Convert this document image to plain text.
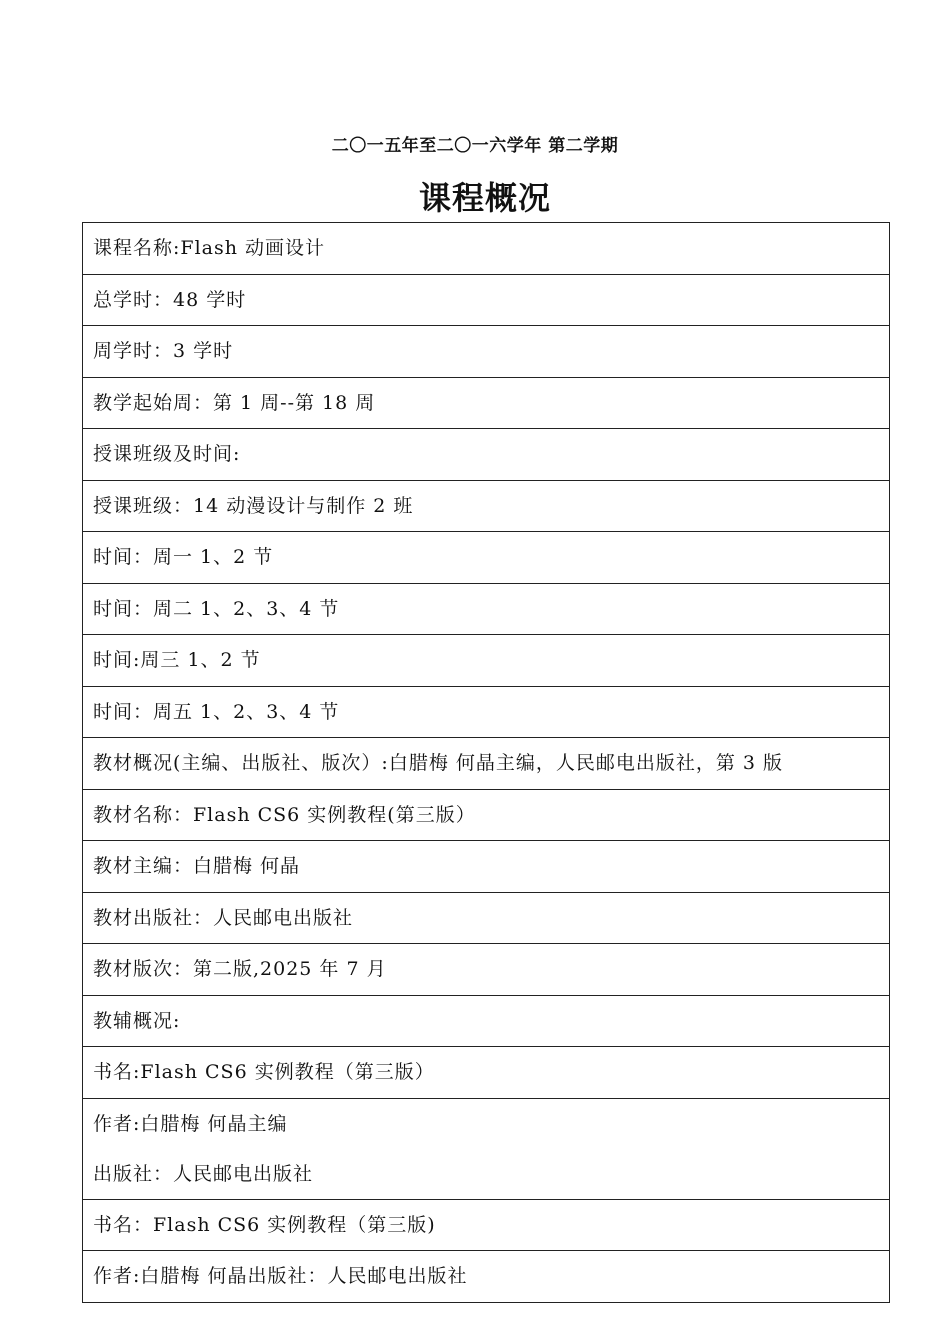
二〇一五年至二〇一六学年 第二学期
课程概况
课程名称:Flash 动画设计
总学时：48 学时
周学时：3 学时
教学起始周：第 1 周--第 18 周
授课班级及时间:
授课班级：14 动漫设计与制作 2 班
时间：周一 1、2 节
时间：周二 1、2、3、4 节
时间:周三 1、2 节
时间：周五 1、2、3、4 节
教材概况(主编、出版社、版次）:白腊梅 何晶主编，人民邮电出版社，第 3 版
教材名称：Flash CS6 实例教程(第三版）
教材主编：白腊梅 何晶
教材出版社：人民邮电出版社
教材版次：第二版,2025 年 7 月
教辅概况:
书名:Flash CS6 实例教程（第三版）
作者:白腊梅 何晶主编
出版社：人民邮电出版社
书名：Flash CS6 实例教程（第三版)
作者:白腊梅 何晶出版社：人民邮电出版社
